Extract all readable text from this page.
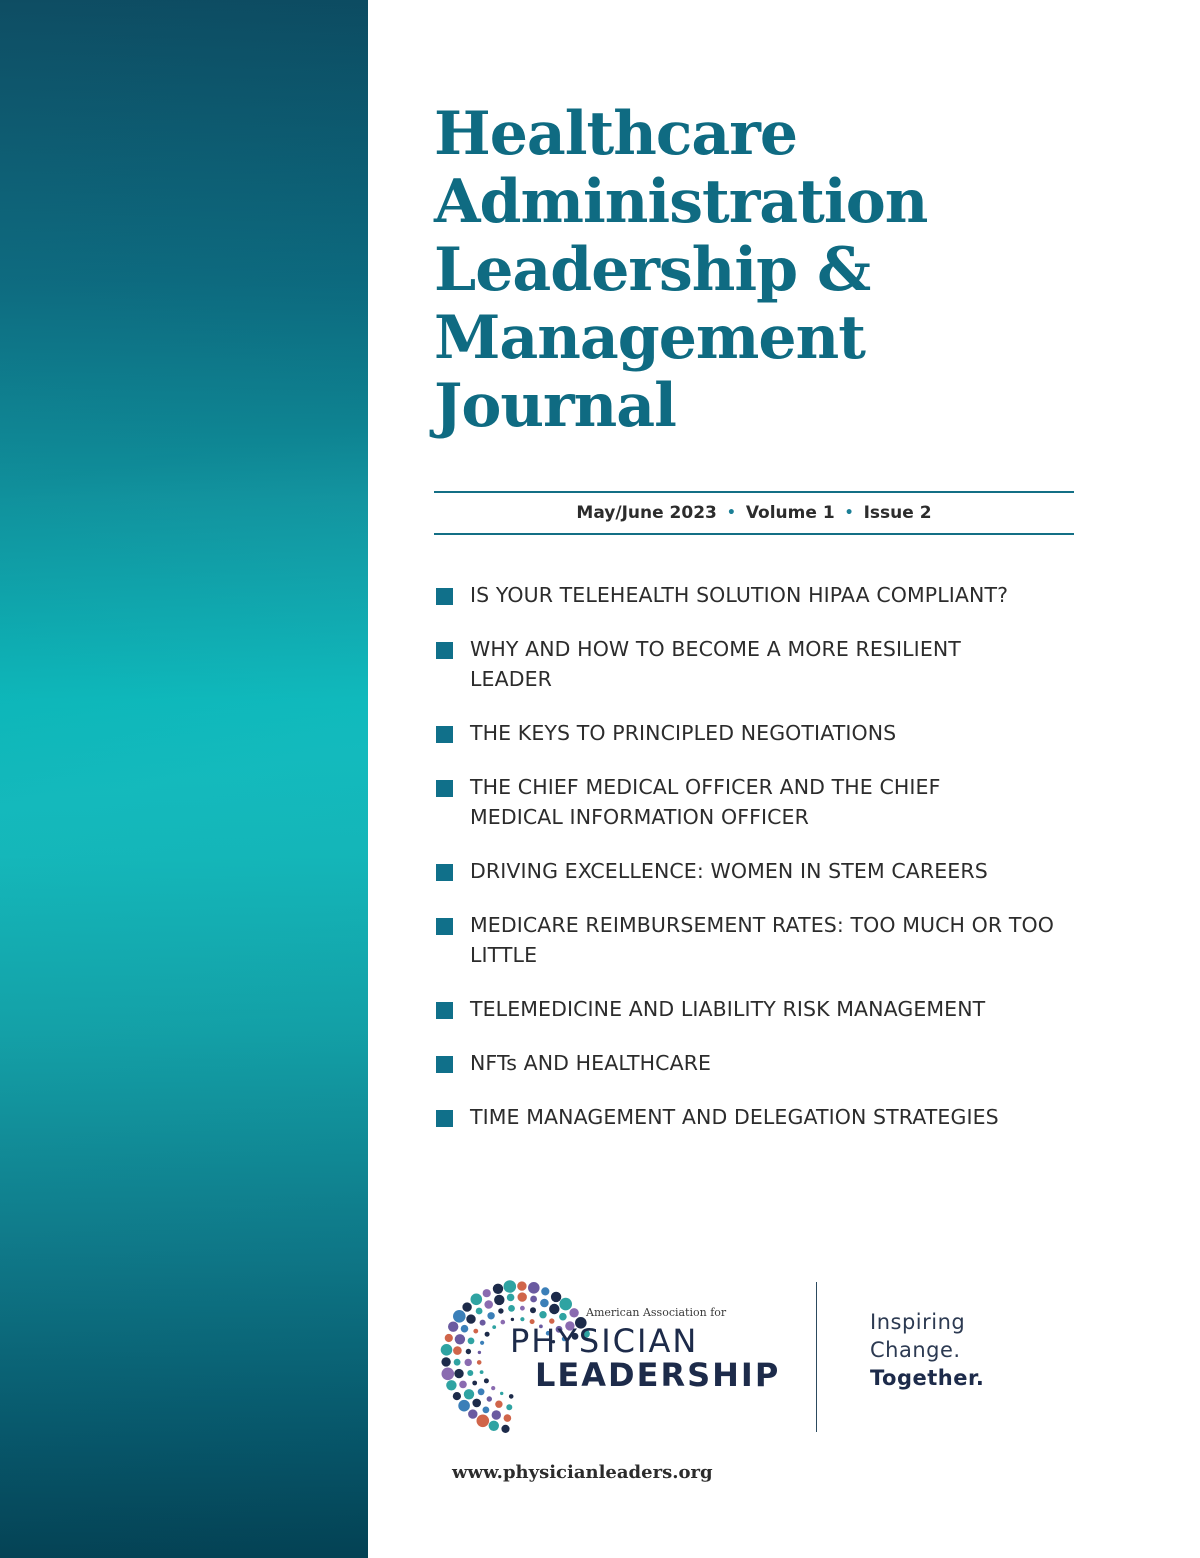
Healthcare
Administration
Leadership &
Management
Journal
May/June 2023 • Volume 1 • Issue 2
IS YOUR TELEHEALTH SOLUTION HIPAA COMPLIANT?
WHY AND HOW TO BECOME A MORE RESILIENT LEADER
THE KEYS TO PRINCIPLED NEGOTIATIONS
THE CHIEF MEDICAL OFFICER AND THE CHIEF MEDICAL INFORMATION OFFICER
DRIVING EXCELLENCE: WOMEN IN STEM CAREERS
MEDICARE REIMBURSEMENT RATES: TOO MUCH OR TOO LITTLE
TELEMEDICINE AND LIABILITY RISK MANAGEMENT
NFTs AND HEALTHCARE
TIME MANAGEMENT AND DELEGATION STRATEGIES
American Association for
PHYSICIAN
LEADERSHIP
Inspiring
Change.
Together.
www.physicianleaders.org
